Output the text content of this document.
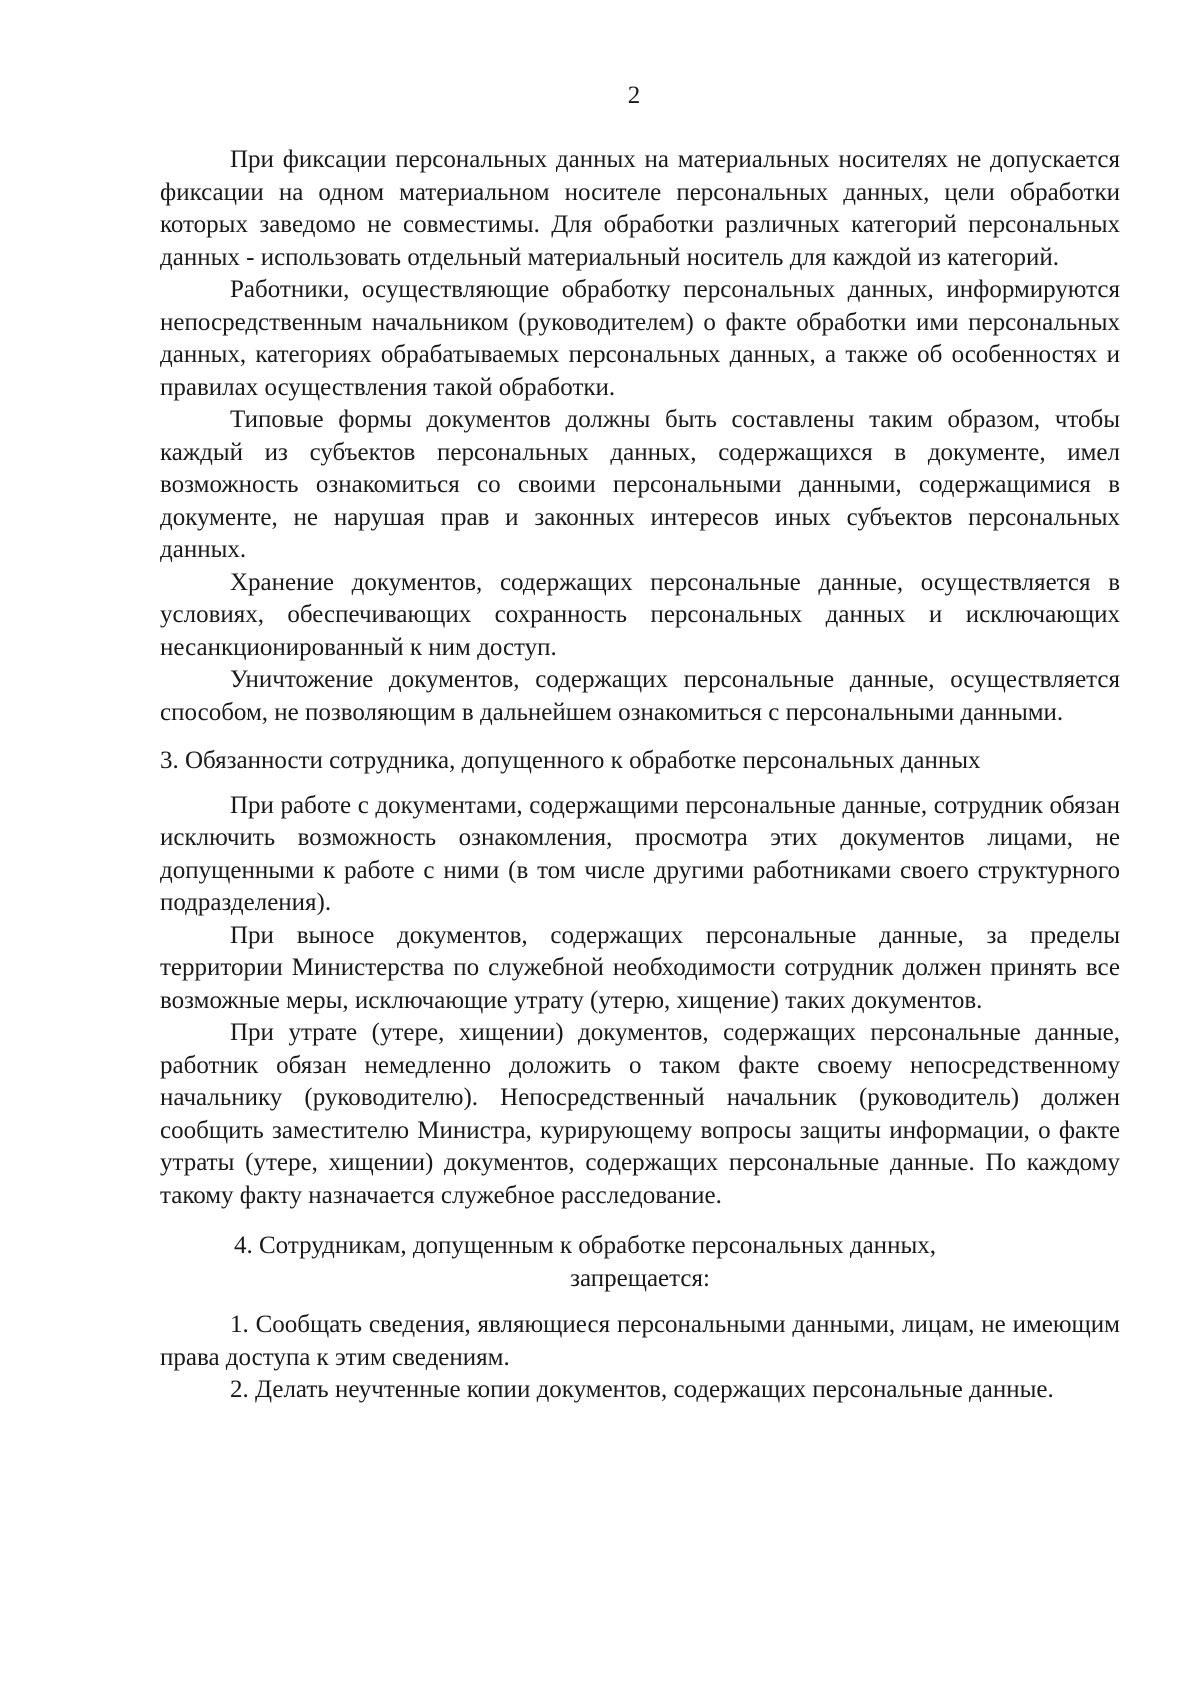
2

При фиксации персональных данных на материальных носителях не допускается фиксации на одном материальном носителе персональных данных, цели обработки которых заведомо не совместимы. Для обработки различных категорий персональных данных - использовать отдельный материальный носитель для каждой из категорий.

Работники, осуществляющие обработку персональных данных, информируются непосредственным начальником (руководителем) о факте обработки ими персональных данных, категориях обрабатываемых персональных данных, а также об особенностях и правилах осуществления такой обработки.

Типовые формы документов должны быть составлены таким образом, чтобы каждый из субъектов персональных данных, содержащихся в документе, имел возможность ознакомиться со своими персональными данными, содержащимися в документе, не нарушая прав и законных интересов иных субъектов персональных данных.

Хранение документов, содержащих персональные данные, осуществляется в условиях, обеспечивающих сохранность персональных данных и исключающих несанкционированный к ним доступ.

Уничтожение документов, содержащих персональные данные, осуществляется способом, не позволяющим в дальнейшем ознакомиться с персональными данными.

3. Обязанности сотрудника, допущенного к обработке персональных данных

При работе с документами, содержащими персональные данные, сотрудник обязан исключить возможность ознакомления, просмотра этих документов лицами, не допущенными к работе с ними (в том числе другими работниками своего структурного подразделения).

При выносе документов, содержащих персональные данные, за пределы территории Министерства по служебной необходимости сотрудник должен принять все возможные меры, исключающие утрату (утерю, хищение) таких документов.

При утрате (утере, хищении) документов, содержащих персональные данные, работник обязан немедленно доложить о таком факте своему непосредственному начальнику (руководителю). Непосредственный начальник (руководитель) должен сообщить заместителю Министра, курирующему вопросы защиты информации, о факте утраты (утере, хищении) документов, содержащих персональные данные. По каждому такому факту назначается служебное расследование.

4. Сотрудникам, допущенным к обработке персональных данных,
запрещается:

1. Сообщать сведения, являющиеся персональными данными, лицам, не имеющим права доступа к этим сведениям.

2. Делать неучтенные копии документов, содержащих персональные данные.
